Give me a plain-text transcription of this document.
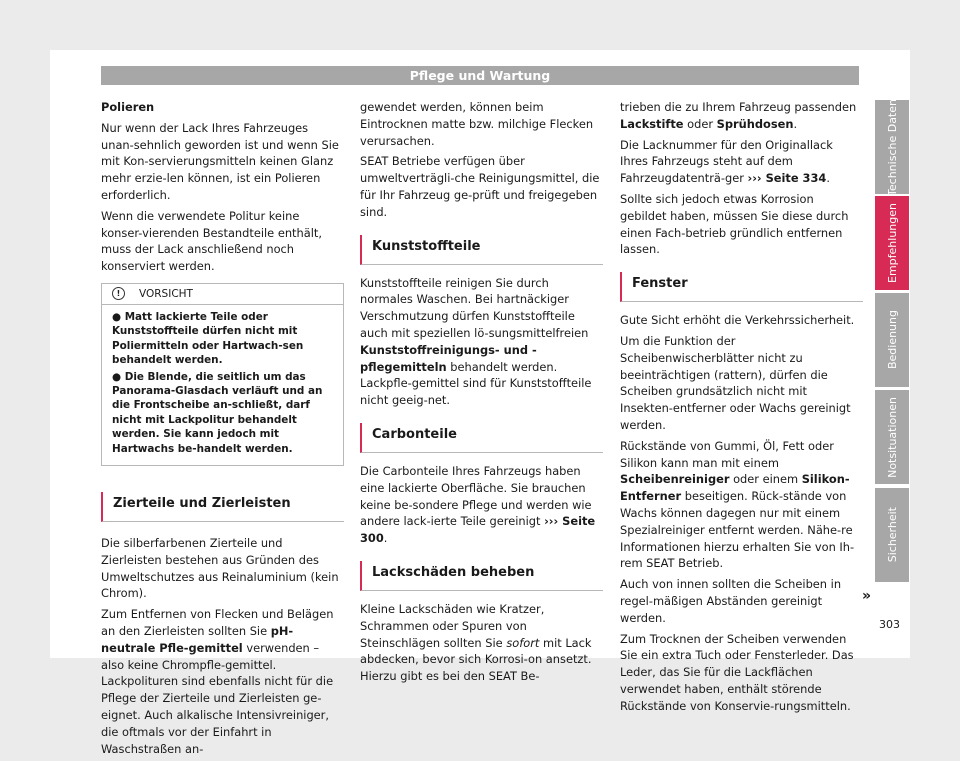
Pflege und Wartung

Polieren

Nur wenn der Lack Ihres Fahrzeuges unan-sehnlich geworden ist und wenn Sie mit Kon-servierungsmitteln keinen Glanz mehr erzie-len können, ist ein Polieren erforderlich.

Wenn die verwendete Politur keine konser-vierenden Bestandteile enthält, muss der Lack anschließend noch konserviert werden.

!	VORSICHT

● Matt lackierte Teile oder Kunststoffteile dürfen nicht mit Poliermitteln oder Hartwach-sen behandelt werden.

● Die Blende, die seitlich um das Panorama-Glasdach verläuft und an die Frontscheibe an-schließt, darf nicht mit Lackpolitur behandelt werden. Sie kann jedoch mit Hartwachs be-handelt werden.

Zierteile und Zierleisten

Die silberfarbenen Zierteile und Zierleisten bestehen aus Gründen des Umweltschutzes aus Reinaluminium (kein Chrom).

Zum Entfernen von Flecken und Belägen an den Zierleisten sollten Sie pH-neutrale Pfle-gemittel verwenden – also keine Chrompfle-gemittel. Lackpolituren sind ebenfalls nicht für die Pflege der Zierteile und Zierleisten ge-eignet. Auch alkalische Intensivreiniger, die oftmals vor der Einfahrt in Waschstraßen an-

gewendet werden, können beim Eintrocknen matte bzw. milchige Flecken verursachen.

SEAT Betriebe verfügen über umweltverträgli-che Reinigungsmittel, die für Ihr Fahrzeug ge-prüft und freigegeben sind.

Kunststoffteile

Kunststoffteile reinigen Sie durch normales Waschen. Bei hartnäckiger Verschmutzung dürfen Kunststoffteile auch mit speziellen lö-sungsmittelfreien Kunststoffreinigungs- und -pflegemitteln behandelt werden. Lackpfle-gemittel sind für Kunststoffteile nicht geeig-net.

Carbonteile

Die Carbonteile Ihres Fahrzeugs haben eine lackierte Oberfläche. Sie brauchen keine be-sondere Pflege und werden wie andere lack-ierte Teile gereinigt ››› Seite 300.

Lackschäden beheben

Kleine Lackschäden wie Kratzer, Schrammen oder Spuren von Steinschlägen sollten Sie sofort mit Lack abdecken, bevor sich Korrosi-on ansetzt. Hierzu gibt es bei den SEAT Be-

trieben die zu Ihrem Fahrzeug passenden Lackstifte oder Sprühdosen.

Die Lacknummer für den Originallack Ihres Fahrzeugs steht auf dem Fahrzeugdatenträ-ger ››› Seite 334.

Sollte sich jedoch etwas Korrosion gebildet haben, müssen Sie diese durch einen Fach-betrieb gründlich entfernen lassen.

Fenster

Gute Sicht erhöht die Verkehrssicherheit.

Um die Funktion der Scheibenwischerblätter nicht zu beeinträchtigen (rattern), dürfen die Scheiben grundsätzlich nicht mit Insekten-entferner oder Wachs gereinigt werden.

Rückstände von Gummi, Öl, Fett oder Silikon kann man mit einem Scheibenreiniger oder einem Silikon-Entferner beseitigen. Rück-stände von Wachs können dagegen nur mit einem Spezialreiniger entfernt werden. Nähe-re Informationen hierzu erhalten Sie von Ih-rem SEAT Betrieb.

Auch von innen sollten die Scheiben in regel-mäßigen Abständen gereinigt werden.

Zum Trocknen der Scheiben verwenden Sie ein extra Tuch oder Fensterleder. Das Leder, das Sie für die Lackflächen verwendet haben, enthält störende Rückstände von Konservie-rungsmitteln.

Technische Daten
Empfehlungen
Bedienung
Notsituationen
Sicherheit
»
303
